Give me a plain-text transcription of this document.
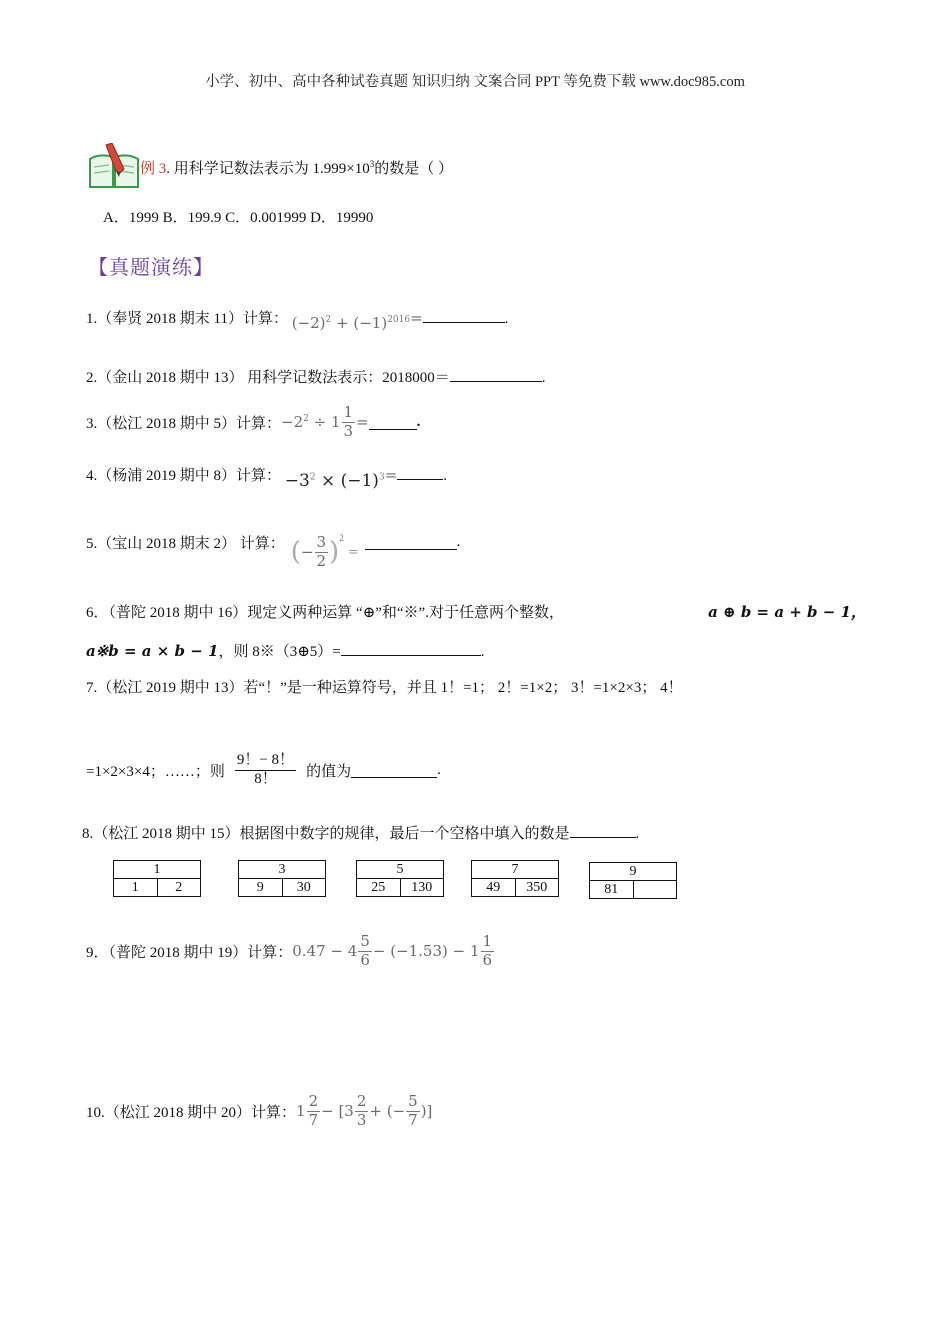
小学、初中、高中各种试卷真题 知识归纳 文案合同 PPT 等免费下载 www.doc985.com
例 3. 用科学记数法表示为 $1.999\times 10^3$的数是（ ）
A．1999 B．199.9 C．0.001999 D．19990
【真题演练】
1.（奉贤 2018 期末 11）计算： $(-2)^2 + (-1)^{2016}=$	.
2.（金山 2018 期中 13） 用科学记数法表示：2018000＝	.
3.（松江 2018 期中 5）计算： $-2^2 \div 1 \frac{1}{3}$ =	.
4.（杨浦 2019 期中 8）计算： $-3^2 \times (-1)^3=$	.
5.（宝山 2018 期末 2） 计算： ( − $\frac{3}{2}$ ) 2
=
.
6．（普陀 2018 期中 16）现定义两种运算 “⊕”和“※”.对于任意两个整数，	a ⊕ b = a + b − 1，
a※b = a × b − 1，则 8※（3⊕5）=	.
7.（松江 2019 期中 13）若“！”是一种运算符号，并且 1！=1； 2！=1×2； 3！=1×2×3； 4！
=1×2×3×4；……；则 $\frac{9!- 8!}{8!}$ 的值为	.
8.（松江 2018 期中 15）根据图中数字的规律，最后一个空格中填入的数是	.
1
1	2
3
9	30
5
25	130
7
49	350
9
81	
9．（普陀 2018 期中 19）计算： $0.47 - 4 \frac{5}{6} - (-1.53) - 1 \frac{1}{6}$
10.（松江 2018 期中 20）计算： $1 \frac{2}{7} - [3 \frac{2}{3}$ + (− $\frac{5}{7}$ )]
